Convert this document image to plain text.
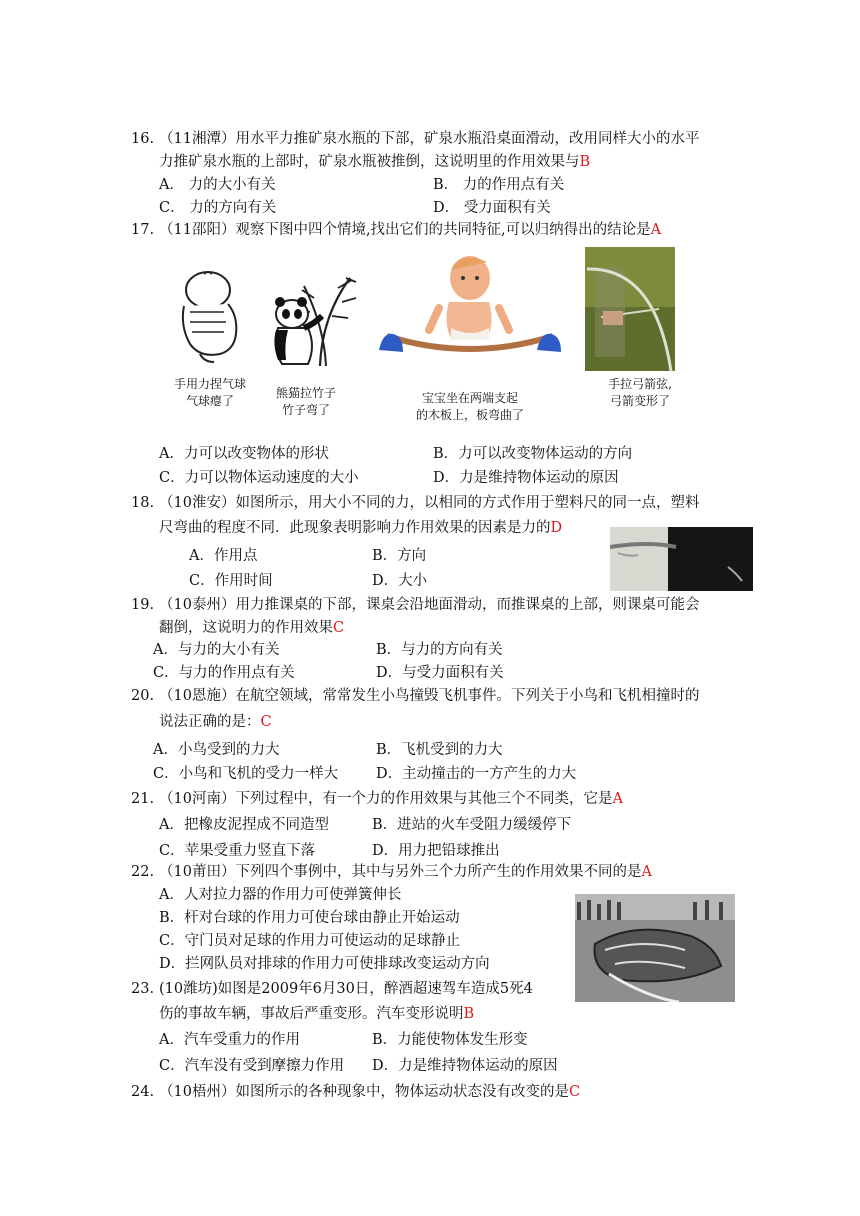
16. （11湘潭）用水平力推矿泉水瓶的下部，矿泉水瓶沿桌面滑动，改用同样大小的水平
力推矿泉水瓶的上部时，矿泉水瓶被推倒，这说明里的作用效果与B
A． 力的大小有关	B． 力的作用点有关
C． 力的方向有关	D． 受力面积有关
17. （11邵阳）观察下图中四个情境,找出它们的共同特征,可以归纳得出的结论是A
手用力捏气球
气球瘪了
熊猫拉竹子
竹子弯了
宝宝坐在两端支起
的木板上，板弯曲了
手拉弓箭弦,
弓箭变形了
A．力可以改变物体的形状	B．力可以改变物体运动的方向
C．力可以物体运动速度的大小	D．力是维持物体运动的原因
18. （10淮安）如图所示，用大小不同的力，以相同的方式作用于塑料尺的同一点，塑料
尺弯曲的程度不同．此现象表明影响力作用效果的因素是力的D
A．作用点	B．方向
C．作用时间	D．大小
19. （10泰州）用力推课桌的下部，课桌会沿地面滑动，而推课桌的上部，则课桌可能会
翻倒，这说明力的作用效果C
A．与力的大小有关	B．与力的方向有关
C．与力的作用点有关	D．与受力面积有关
20. （10恩施）在航空领域，常常发生小鸟撞毁飞机事件。下列关于小鸟和飞机相撞时的
说法正确的是：C
A．小鸟受到的力大	B．飞机受到的力大
C．小鸟和飞机的受力一样大	D．主动撞击的一方产生的力大
21. （10河南）下列过程中，有一个力的作用效果与其他三个不同类，它是A
A．把橡皮泥捏成不同造型	B．进站的火车受阻力缓缓停下
C．苹果受重力竖直下落	D．用力把铅球推出
22. （10莆田）下列四个事例中，其中与另外三个力所产生的作用效果不同的是A
A．人对拉力器的作用力可使弹簧伸长
B．杆对台球的作用力可使台球由静止开始运动
C．守门员对足球的作用力可使运动的足球静止
D．拦网队员对排球的作用力可使排球改变运动方向
23. (10潍坊)如图是2009年6月30日，醉酒超速驾车造成5死4
伤的事故车辆，事故后严重变形。汽车变形说明B
A．汽车受重力的作用	B．力能使物体发生形变
C．汽车没有受到摩擦力作用 D．力是维持物体运动的原因
24. （10梧州）如图所示的各种现象中，物体运动状态没有改变的是C
